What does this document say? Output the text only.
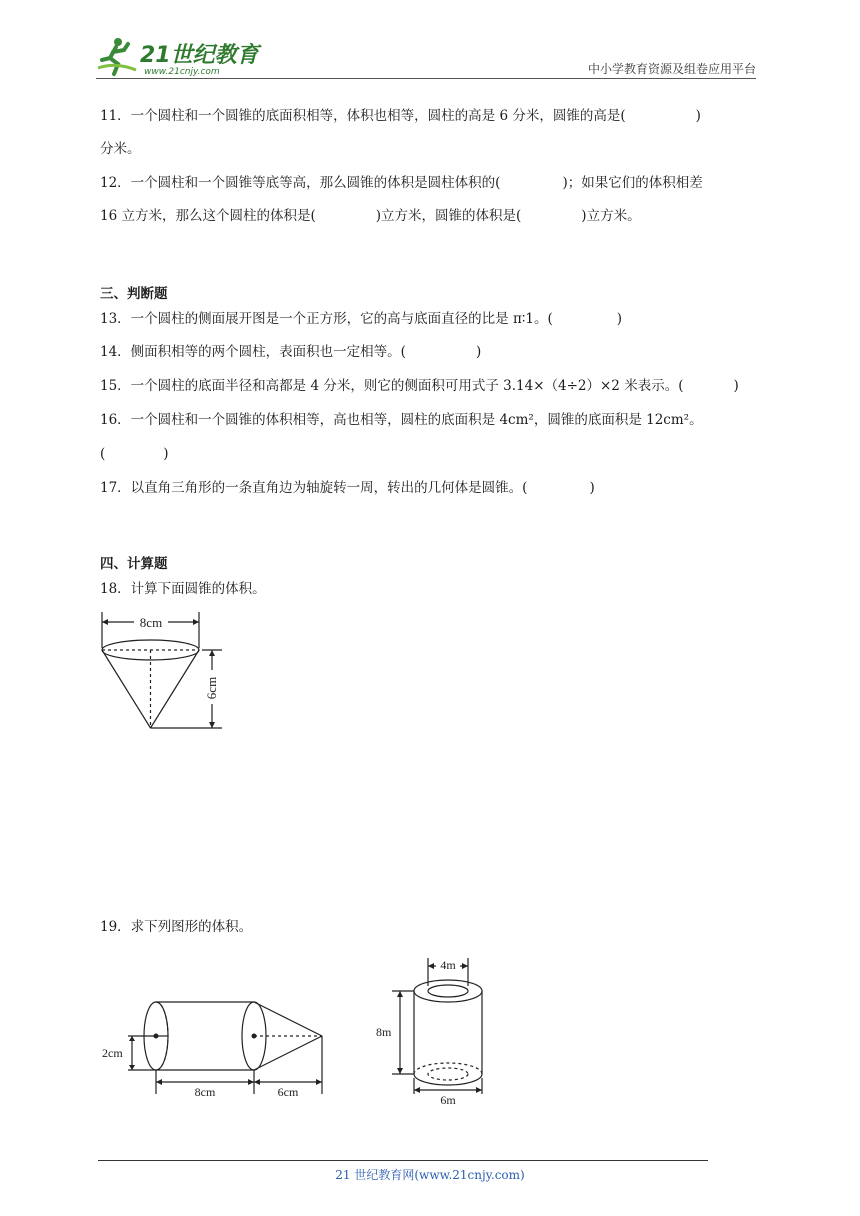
21世纪教育
www.21cnjy.com	中小学教育资源及组卷应用平台
11．一个圆柱和一个圆锥的底面积相等，体积也相等，圆柱的高是 6 分米，圆锥的高是(	)
分米。
12．一个圆柱和一个圆锥等底等高，那么圆锥的体积是圆柱体积的(	)；如果它们的体积相差
16 立方米，那么这个圆柱的体积是(	)立方米，圆锥的体积是(	)立方米。
三、判断题
13．一个圆柱的侧面展开图是一个正方形，它的高与底面直径的比是 π∶1。(	)
14．侧面积相等的两个圆柱，表面积也一定相等。(	)
15．一个圆柱的底面半径和高都是 4 分米，则它的侧面积可用式子 3.14×（4÷2）×2 米表示。(	)
16．一个圆柱和一个圆锥的体积相等，高也相等，圆柱的底面积是 4cm²，圆锥的底面积是 12cm²。
(	)
17．以直角三角形的一条直角边为轴旋转一周，转出的几何体是圆锥。(	)
四、计算题
18．计算下面圆锥的体积。
8cm
6cm
19．求下列图形的体积。
2cm
8cm	6cm
4m
8m
6m
21 世纪教育网(www.21cnjy.com)
